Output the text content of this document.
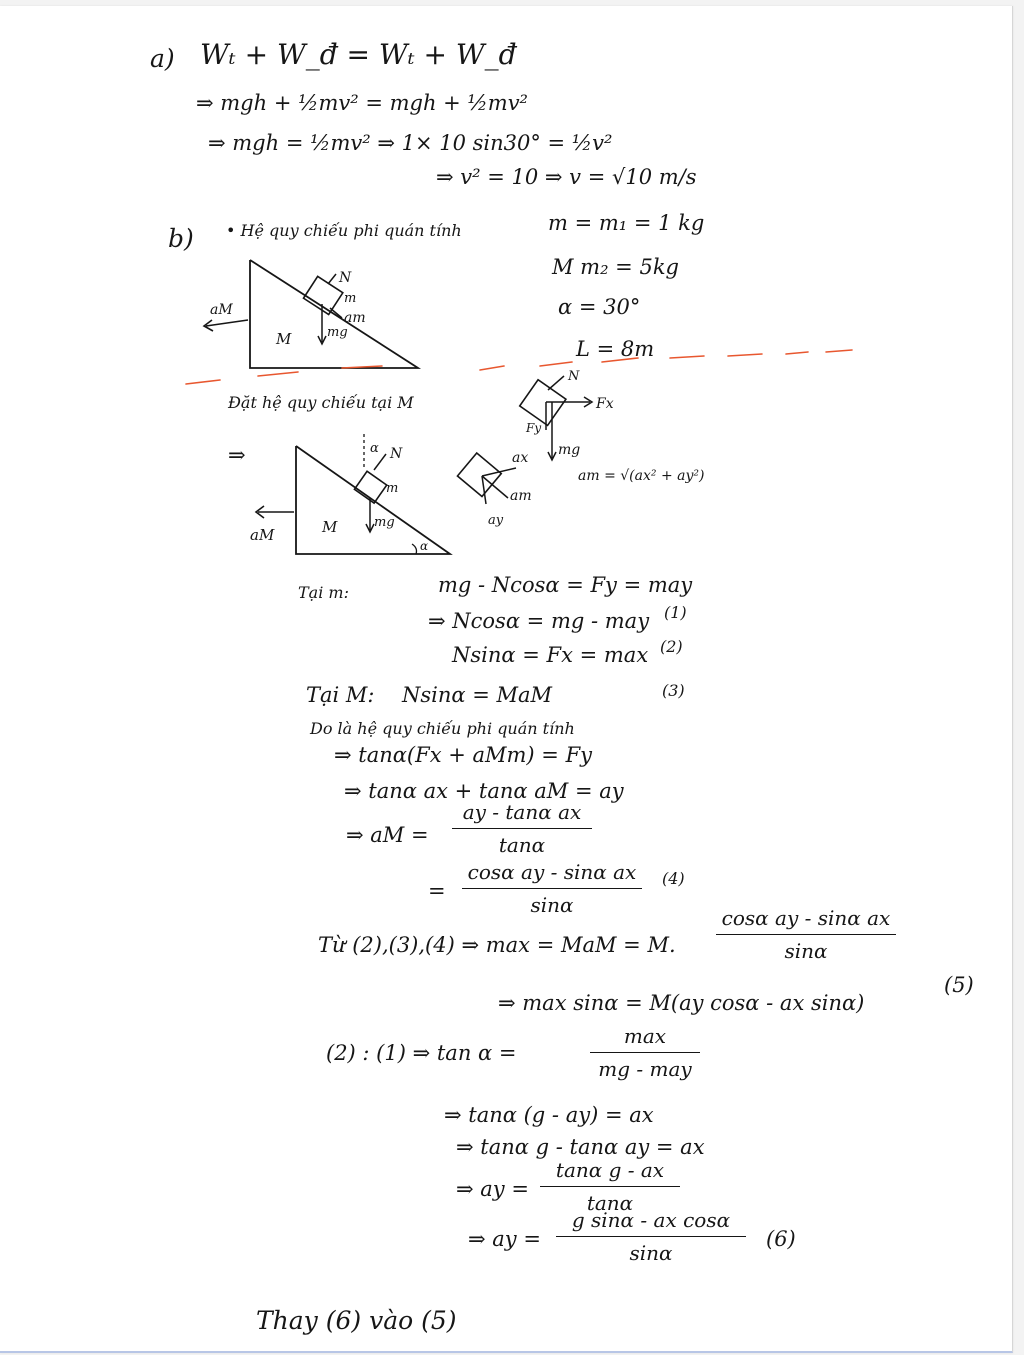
a) Wₜ + W_đ = Wₜ + W_đ
⇒ mgh + ½mv² = mgh + ½mv²
⇒ mgh = ½mv² ⇒ 1× 10 sin30° = ½v²
⇒ v² = 10 ⇒ v = √10 m/s
b) • Hệ quy chiếu phi quán tính	m = m₁ = 1 kg
M m₂ = 5kg
α = 30°
L = 8m
aM
M
N
m
am
mg
Đặt hệ quy chiếu tại M
⇒
aM	M
α N
m
mg
α
N
Fx
Fy
mg
ax
am
ay
am = √(ax² + ay²)
Tại m:	mg - Ncosα = Fy = may
⇒ Ncosα = mg - may (1)
Nsinα = Fx = max (2)
Tại M: Nsinα = MaM	(3)
Do là hệ quy chiếu phi quán tính
⇒ tanα(Fx + aMm) = Fy
⇒ tanα ax + tanα aM = ay
⇒ aM =
ay - tanα ax
tanα
=
cosα ay - sinα ax
sinα
(4)
Từ (2),(3),(4) ⇒ max = MaM = M.
cosα ay - sinα ax
sinα
⇒ max sinα = M(ay cosα - ax sinα)
(5)
(2) : (1) ⇒ tan α =
max
mg - may
⇒ tanα (g - ay) = ax
⇒ tanα g - tanα ay = ax
⇒ ay =
tanα g - ax
tanα
⇒ ay =
g sinα - ax cosα
sinα
(6)
Thay (6) vào (5)
